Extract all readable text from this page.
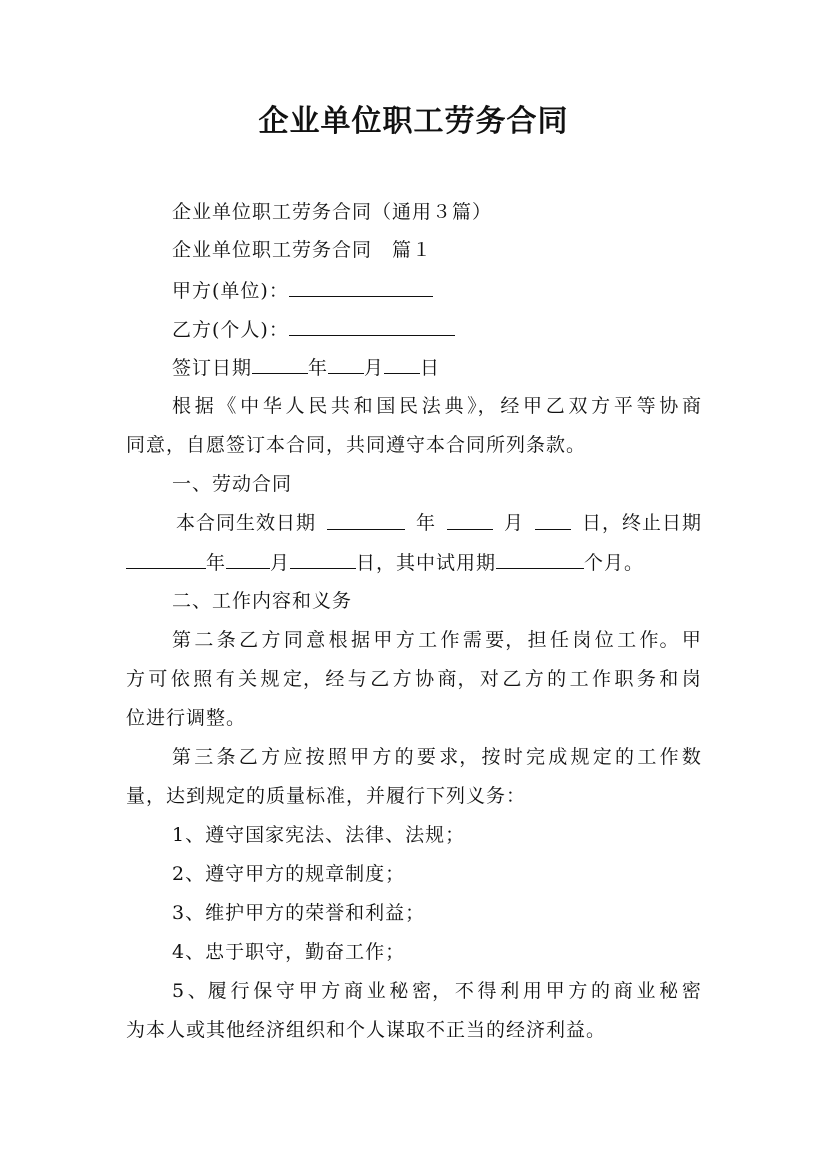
企业单位职工劳务合同
企业单位职工劳务合同（通用３篇）
企业单位职工劳务合同　篇１
甲方(单位)：
乙方(个人)：
签订日期	年 月 日
根 据 《 中 华 人 民 共 和 国 民 法 典 》， 经 甲 乙 双 方 平 等 协 商
同意，自愿签订本合同，共同遵守本合同所列条款。
一、劳动合同
本合同生效日期	年	月	日，终止日期
年 月	日，其中试用期	个月。
二、工作内容和义务
第 二 条 乙 方 同 意 根 据 甲 方 工 作 需 要， 担 任 岗 位 工 作。 甲
方 可 依 照 有 关 规 定， 经 与 乙 方 协 商， 对 乙 方 的 工 作 职 务 和 岗
位进行调整。
第 三 条 乙 方 应 按 照 甲 方 的 要 求， 按 时 完 成 规 定 的 工 作 数
量，达到规定的质量标准，并履行下列义务：
1、遵守国家宪法、法律、法规；
2、遵守甲方的规章制度；
3、维护甲方的荣誉和利益；
4、忠于职守，勤奋工作；
5 、履 行 保 守 甲 方 商 业 秘 密， 不 得 利 用 甲 方 的 商 业 秘 密
为本人或其他经济组织和个人谋取不正当的经济利益。
